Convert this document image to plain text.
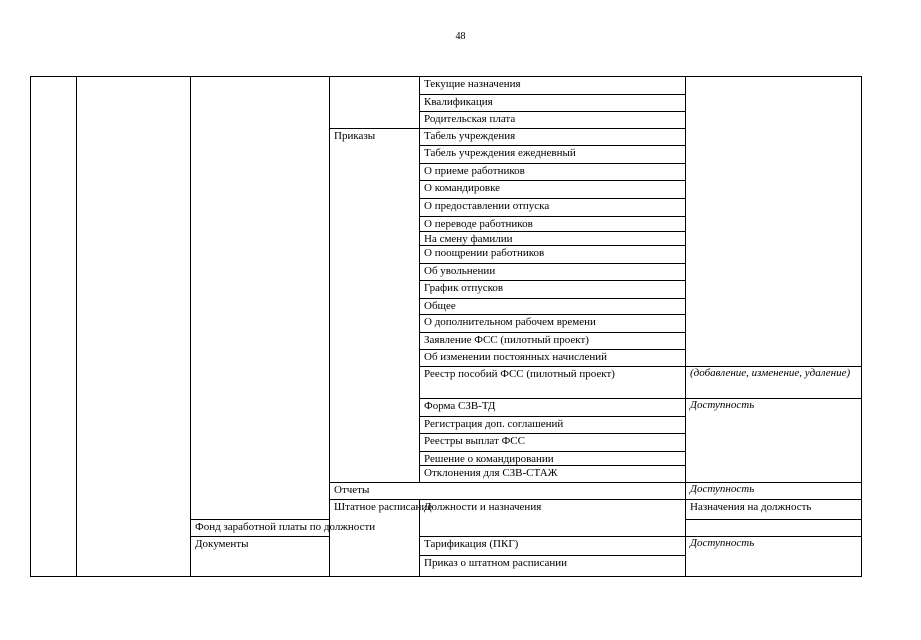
48

				Текущие назначения		

				Квалификация		

				Родительская плата		

			Приказы	Табель учреждения		

				Табель учреждения ежедневный		

				О приеме работников		

				О командировке		

				О предоставлении отпуска		

				О переводе работников		

				На смену фамилии		

				О поощрении работников		

				Об увольнении		

				График отпусков		

				Общее		

				О дополнительном рабочем времени		

				Заявление ФСС (пилотный проект)		

				Об изменении постоянных начислений		

				Реестр пособий ФСС (пилотный проект)	(добавление, изменение, удаление)	

				Форма СЗВ-ТД	Доступность	

				Регистрация доп. соглашений		

				Реестры выплат ФСС		

				Решение о командировании		

				Отклонения для СЗВ-СТАЖ		

			Отчеты		Доступность	

			Штатное расписание	Должности и назначения	Назначения на должность

		Фонд заработной платы по должности				

		Документы		Тарификация (ПКГ)	Доступность	

				Приказ о штатном расписании		
